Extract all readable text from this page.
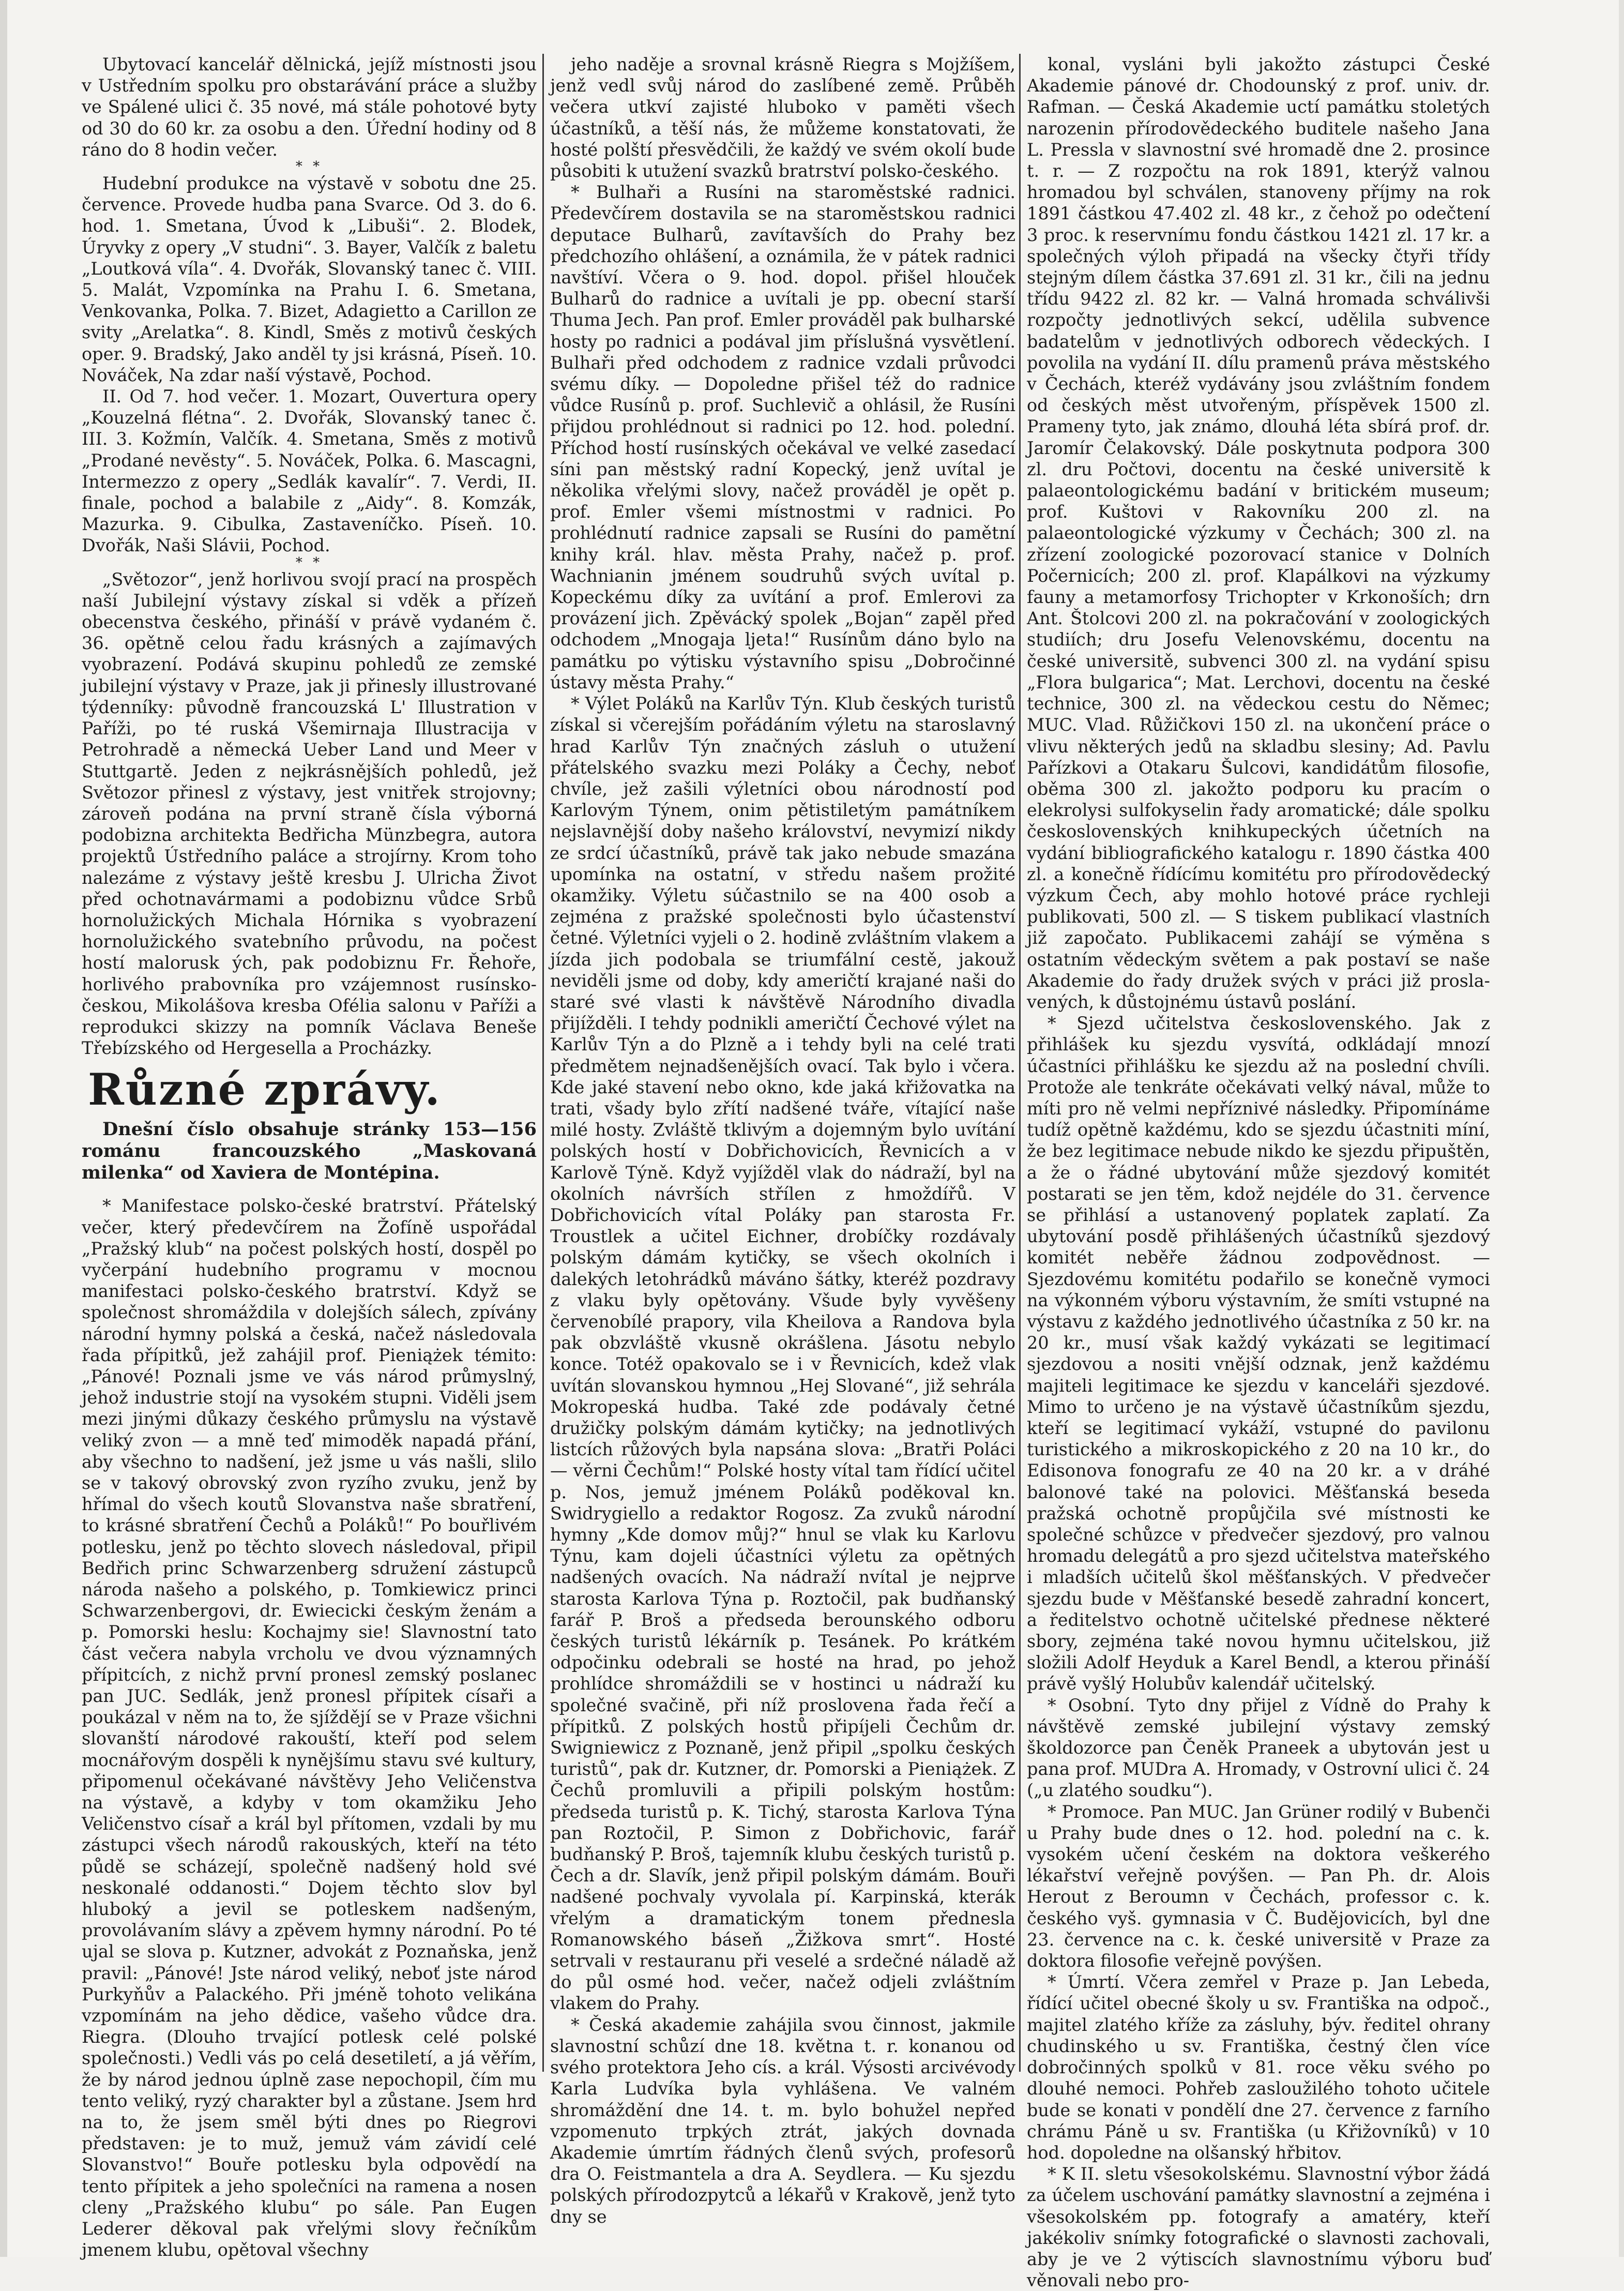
Ubytovací kancelář dělnická, jejíž místnosti jsou v Ustředním spolku pro obstarávání práce a služby ve Spálené ulici č. 35 nové, má stále pohotové byty od 30 do 60 kr. za osobu a den. Úřední hodiny od 8 ráno do 8 hodin večer.

* *

Hudební produkce na výstavě v sobotu dne 25. července. Provede hudba pana Svarce. Od 3. do 6. hod. 1. Smetana, Úvod k „Libuši“. 2. Blodek, Úryvky z opery „V studni“. 3. Bayer, Valčík z baletu „Loutková víla“. 4. Dvořák, Slovanský tanec č. VIII. 5. Malát, Vzpomínka na Prahu I. 6. Smetana, Venkovanka, Polka. 7. Bizet, Adagietto a Carillon ze svity „Arelatka“. 8. Kindl, Směs z motivů českých oper. 9. Bradský, Jako anděl ty jsi krásná, Píseň. 10. Nováček, Na zdar naší výstavě, Pochod.

II. Od 7. hod večer. 1. Mozart, Ouvertura opery „Kouzelná flétna“. 2. Dvořák, Slovanský tanec č. III. 3. Kožmín, Valčík. 4. Smetana, Směs z motivů „Prodané nevěsty“. 5. Nováček, Polka. 6. Mascagni, Intermezzo z opery „Sedlák kavalír“. 7. Verdi, II. finale, pochod a balabile z „Aidy“. 8. Komzák, Mazurka. 9. Cibulka, Zastaveníčko. Píseň. 10. Dvořák, Naši Slávii, Pochod.

* *

„Světozor“, jenž horlivou svojí prací na prospěch naší Jubilejní výstavy získal si vděk a přízeň obecenstva českého, přináší v právě vydaném č. 36. opětně celou řadu krásných a zajímavých vyobrazení. Podává skupinu pohledů ze zemské jubilejní výstavy v Praze, jak ji přinesly illustrované týdenníky: původně francouzská L' Illustration v Paříži, po té ruská Všemirnaja Illustracija v Petrohradě a německá Ueber Land und Meer v Stuttgartě. Jeden z nejkrásnějších pohledů, jež Světozor přinesl z výstavy, jest vnitřek strojovny; zároveň podána na první straně čísla výborná podobizna architekta Bedřicha Münzbegra, autora projektů Ústředního paláce a strojírny. Krom toho nalezáme z výstavy ještě kresbu J. Ulricha Život před ochotnavármami a podobiznu vůdce Srbů hornolužických Michala Hórnika s vyobrazení hornolužického svatebního průvodu, na počest hostí malorusk ých, pak podobiznu Fr. Řehoře, horlivého prabovníka pro vzájemnost rusínsko-českou, Mikolášova kresba Ofélia salonu v Paříži a reprodukci skizzy na pomník Václava Beneše Třebízského od Hergesella a Procházky.

Různé zprávy.

Dnešní číslo obsahuje stránky 153—156 románu francouzského „Maskovaná milenka“ od Xaviera de Montépina.

* Manifestace polsko-české bratrství. Přátelský večer, který předevčírem na Žofíně uspořádal „Pražský klub“ na počest polských hostí, dospěl po vyčerpání hudebního programu v mocnou manifestaci polsko-českého bratrství. Když se společnost shromáždila v dolejších sálech, zpívány národní hymny polská a česká, načež následovala řada přípitků, jež zahájil prof. Pieniążek témito: „Pánové! Poznali jsme ve vás národ průmyslný, jehož industrie stojí na vysokém stupni. Viděli jsem mezi jinými důkazy českého průmyslu na výstavě veliký zvon — a mně teď mimoděk napadá přání, aby všechno to nadšení, jež jsme u vás našli, slilo se v takový obrovský zvon ryzího zvuku, jenž by hřímal do všech koutů Slovanstva naše sbratření, to krásné sbratření Čechů a Poláků!“ Po bouřlivém potlesku, jenž po těchto slovech následoval, připil Bedřich princ Schwarzenberg sdružení zástupců národa našeho a polského, p. Tomkiewicz princi Schwarzenbergovi, dr. Ewiecicki českým ženám a p. Pomorski heslu: Kochajmy sie! Slavnostní tato část večera nabyla vrcholu ve dvou významných přípitcích, z nichž první pronesl zemský poslanec pan JUC. Sedlák, jenž pronesl přípitek císaři a poukázal v něm na to, že sjíždějí se v Praze všichni slovanští národové rakouští, kteří pod selem mocnářovým dospěli k nynějšímu stavu své kultury, připomenul očekávané návštěvy Jeho Veličenstva na výstavě, a kdyby v tom okamžiku Jeho Veličenstvo císař a král byl přítomen, vzdali by mu zástupci všech národů rakouských, kteří na této půdě se scházejí, společně nadšený hold své neskonalé oddanosti.“ Dojem těchto slov byl hluboký a jevil se potleskem nadšeným, provolávaním slávy a zpěvem hymny národní. Po té ujal se slova p. Kutzner, advokát z Poznaňska, jenž pravil: „Pánové! Jste národ veliký, neboť jste národ Purkyňův a Palackého. Při jméně tohoto velikána vzpomínám na jeho dědice, vašeho vůdce dra. Riegra. (Dlouho trvající potlesk celé polské společnosti.) Vedli vás po celá desetiletí, a já věřím, že by národ jednou úplně zase nepochopil, čím mu tento veliký, ryzý charakter byl a zůstane. Jsem hrd na to, že jsem směl býti dnes po Riegrovi představen: je to muž, jemuž vám závidí celé Slovanstvo!“ Bouře potlesku byla odpovědí na tento přípitek a jeho společníci na ramena a nosen cleny „Pražského klubu“ po sále. Pan Eugen Lederer děkoval pak vřelými slovy řečníkům jmenem klubu, opětoval všechny

jeho naděje a srovnal krásně Riegra s Mojžíšem, jenž vedl svůj národ do zaslíbené země. Průběh večera utkví zajisté hluboko v paměti všech účastníků, a těší nás, že můžeme konstatovati, že hosté polští přesvědčili, že každý ve svém okolí bude působiti k utužení svazků bratrství polsko-českého.

* Bulhaři a Rusíni na staroměstské radnici. Předevčírem dostavila se na staroměstskou radnici deputace Bulharů, zavítavších do Prahy bez předchozího ohlášení, a oznámila, že v pátek radnici navštíví. Včera o 9. hod. dopol. přišel hlouček Bulharů do radnice a uvítali je pp. obecní starší Thuma Jech. Pan prof. Emler prováděl pak bulharské hosty po radnici a podával jim příslušná vysvětlení. Bulhaři před odchodem z radnice vzdali průvodci svému díky. — Dopoledne přišel též do radnice vůdce Rusínů p. prof. Suchlevič a ohlásil, že Rusíni přijdou prohlédnout si radnici po 12. hod. polední. Příchod hostí rusínských očekával ve velké zasedací síni pan městský radní Kopecký, jenž uvítal je několika vřelými slovy, načež prováděl je opět p. prof. Emler všemi místnostmi v radnici. Po prohlédnutí radnice zapsali se Rusíni do pamětní knihy král. hlav. města Prahy, načež p. prof. Wachnianin jménem soudruhů svých uvítal p. Kopeckému díky za uvítání a prof. Emlerovi za provázení jich. Zpěvácký spolek „Bojan“ zapěl před odchodem „Mnogaja ljeta!“ Rusínům dáno bylo na památku po výtisku výstavního spisu „Dobročinné ústavy města Prahy.“

* Výlet Poláků na Karlův Týn. Klub českých turistů získal si včerejším pořádáním výletu na staroslavný hrad Karlův Týn značných zásluh o utužení přátelského svazku mezi Poláky a Čechy, neboť chvíle, jež zašili výletníci obou národností pod Karlovým Týnem, onim pětistiletým památníkem nejslavnější doby našeho království, nevymizí nikdy ze srdcí účastníků, právě tak jako nebude smazána upomínka na ostatní, v středu našem prožité okamžiky. Výletu súčastnilo se na 400 osob a zejména z pražské společnosti bylo účastenství četné. Výletníci vyjeli o 2. hodině zvláštním vlakem a jízda jich podobala se triumfální cestě, jakouž neviděli jsme od doby, kdy američtí krajané naši do staré své vlasti k návštěvě Národního divadla přijížděli. I tehdy podnikli američtí Čechové výlet na Karlův Týn a do Plzně a i tehdy byli na celé trati předmětem nejnadšenějších ovací. Tak bylo i včera. Kde jaké stavení nebo okno, kde jaká křižovatka na trati, všady bylo zřítí nadšené tváře, vítající naše milé hosty. Zvláště tklivým a dojemným bylo uvítání polských hostí v Dobřichovicích, Řevnicích a v Karlově Týně. Když vyjížděl vlak do nádraží, byl na okolních návrších střílen z hmoždířů. V Dobřichovicích vítal Poláky pan starosta Fr. Troustlek a učitel Eichner, drobíčky rozdávaly polským dámám kytičky, se všech okolních i dalekých letohrádků máváno šátky, kteréž pozdravy z vlaku byly opětovány. Všude byly vyvěšeny červenobílé prapory, vila Kheilova a Randova byla pak obzvláště vkusně okrášlena. Jásotu nebylo konce. Totéž opakovalo se i v Řevnicích, kdež vlak uvítán slovanskou hymnou „Hej Slované“, již sehrála Mokropeská hudba. Také zde podávaly četné družičky polským dámám kytičky; na jednotlivých listcích růžových byla napsána slova: „Bratři Poláci — věrni Čechům!“ Polské hosty vítal tam řídící učitel p. Nos, jemuž jménem Poláků poděkoval kn. Swidrygiello a redaktor Rogosz. Za zvuků národní hymny „Kde domov můj?“ hnul se vlak ku Karlovu Týnu, kam dojeli účastníci výletu za opětných nadšených ovacích. Na nádraží nvítal je nejprve starosta Karlova Týna p. Roztočil, pak budňanský farář P. Broš a předseda berounského odboru českých turistů lékárník p. Tesánek. Po krátkém odpočinku odebrali se hosté na hrad, po jehož prohlídce shromáždili se v hostinci u nádraží ku společné svačině, při níž proslovena řada řečí a přípitků. Z polských hostů připíjeli Čechům dr. Swigniewicz z Poznaně, jenž připil „spolku českých turistů“, pak dr. Kutzner, dr. Pomorski a Pieniążek. Z Čechů promluvili a připili polským hostům: předseda turistů p. K. Tichý, starosta Karlova Týna pan Roztočil, P. Simon z Dobřichovic, farář budňanský P. Broš, tajemník klubu českých turistů p. Čech a dr. Slavík, jenž připil polským dámám. Bouři nadšené pochvaly vyvolala pí. Karpinská, kterák vřelým a dramatickým tonem přednesla Romanowského báseň „Žižkova smrt“. Hosté setrvali v restauranu při veselé a srdečné náladě až do půl osmé hod. večer, načež odjeli zvláštním vlakem do Prahy.

* Česká akademie zahájila svou činnost, jakmile slavnostní schůzí dne 18. května t. r. konanou od svého protektora Jeho cís. a král. Výsosti arcivévody Karla Ludvíka byla vyhlášena. Ve valném shromáždění dne 14. t. m. bylo bohužel nepřed vzpomenuto trpkých ztrát, jakých dovnada Akademie úmrtím řádných členů svých, profesorů dra O. Feistmantela a dra A. Seydlera. — Ku sjezdu polských přírodozpytců a lékařů v Krakově, jenž tyto dny se

konal, vysláni byli jakožto zástupci České Akademie pánové dr. Chodounský z prof. univ. dr. Rafman. — Česká Akademie uctí památku stoletých narozenin přírodovědeckého buditele našeho Jana L. Pressla v slavnostní své hromadě dne 2. prosince t. r. — Z rozpočtu na rok 1891, kterýž valnou hromadou byl schválen, stanoveny příjmy na rok 1891 částkou 47.402 zl. 48 kr., z čehož po odečtení 3 proc. k reservnímu fondu částkou 1421 zl. 17 kr. a společných výloh připadá na všecky čtyři třídy stejným dílem částka 37.691 zl. 31 kr., čili na jednu třídu 9422 zl. 82 kr. — Valná hromada schválivši rozpočty jednotlivých sekcí, udělila subvence badatelům v jednotlivých odborech vědeckých. I povolila na vydání II. dílu pramenů práva městského v Čechách, kteréž vydávány jsou zvláštním fondem od českých měst utvořeným, příspěvek 1500 zl. Prameny tyto, jak známo, dlouhá léta sbírá prof. dr. Jaromír Čelakovský. Dále poskytnuta podpora 300 zl. dru Počtovi, docentu na české universitě k palaeontologickému badání v britickém museum; prof. Kuštovi v Rakovníku 200 zl. na palaeontologické výzkumy v Čechách; 300 zl. na zřízení zoologické pozorovací stanice v Dolních Počernicích; 200 zl. prof. Klapálkovi na výzkumy fauny a metamorfosy Trichopter v Krkonoších; drn Ant. Štolcovi 200 zl. na pokračování v zoologických studiích; dru Josefu Velenovskému, docentu na české universitě, subvenci 300 zl. na vydání spisu „Flora bulgarica“; Mat. Lerchovi, docentu na české technice, 300 zl. na vědeckou cestu do Němec; MUC. Vlad. Růžičkovi 150 zl. na ukončení práce o vlivu některých jedů na skladbu slesiny; Ad. Pavlu Pařízkovi a Otakaru Šulcovi, kandidátům filosofie, oběma 300 zl. jakožto podporu ku pracím o elekrolysi sulfokyselin řady aromatické; dále spolku československých knihkupeckých účetních na vydání bibliografického katalogu r. 1890 částka 400 zl. a konečně řídícímu komitétu pro přírodovědecký výzkum Čech, aby mohlo hotové práce rychleji publikovati, 500 zl. — S tiskem publikací vlastních již započato. Publikacemi zahájí se výměna s ostatním vědeckým světem a pak postaví se naše Akademie do řady družek svých v práci již proslavených, k důstojnému ústavů poslání.

* Sjezd učitelstva československého. Jak z přihlášek ku sjezdu vysvítá, odkládají mnozí účastníci přihlášku ke sjezdu až na poslední chvíli. Protože ale tenkráte očekávati velký nával, může to míti pro ně velmi nepříznivé následky. Připomínáme tudíž opětně každému, kdo se sjezdu účastniti míní, že bez legitimace nebude nikdo ke sjezdu připuštěn, a že o řádné ubytování může sjezdový komitét postarati se jen těm, kdož nejdéle do 31. července se přihlásí a ustanovený poplatek zaplatí. Za ubytování posdě přihlášených účastníků sjezdový komitét neběře žádnou zodpovědnost. — Sjezdovému komitétu podařilo se konečně vymoci na výkonném výboru výstavním, že smíti vstupné na výstavu z každého jednotlivého účastníka z 50 kr. na 20 kr., musí však každý vykázati se legitimací sjezdovou a nositi vnější odznak, jenž každému majiteli legitimace ke sjezdu v kanceláři sjezdové. Mimo to určeno je na výstavě účastníkům sjezdu, kteří se legitimací vykáží, vstupné do pavilonu turistického a mikroskopického z 20 na 10 kr., do Edisonova fonografu ze 40 na 20 kr. a v dráhé balonové také na polovici. Měšťanská beseda pražská ochotně propůjčila své místnosti ke společné schůzce v předvečer sjezdový, pro valnou hromadu delegátů a pro sjezd učitelstva mateřského i mladších učitelů škol měšťanských. V předvečer sjezdu bude v Měšťanské besedě zahradní koncert, a ředitelstvo ochotně učitelské přednese některé sbory, zejména také novou hymnu učitelskou, již složili Adolf Heyduk a Karel Bendl, a kterou přináší právě vyšlý Holubův kalendář učitelský.

* Osobní. Tyto dny přijel z Vídně do Prahy k návštěvě zemské jubilejní výstavy zemský školdozorce pan Čeněk Praneek a ubytován jest u pana prof. MUDra A. Hromady, v Ostrovní ulici č. 24 („u zlatého soudku“).

* Promoce. Pan MUC. Jan Grüner rodilý v Bubenči u Prahy bude dnes o 12. hod. polední na c. k. vysokém učení českém na doktora veškerého lékařství veřejně povýšen. — Pan Ph. dr. Alois Herout z Beroumn v Čechách, professor c. k. českého vyš. gymnasia v Č. Budějovicích, byl dne 23. července na c. k. české universitě v Praze za doktora filosofie veřejně povýšen.

* Úmrtí. Včera zemřel v Praze p. Jan Lebeda, řídící učitel obecné školy u sv. Františka na odpoč., majitel zlatého kříže za zásluhy, býv. ředitel ohrany chudinského u sv. Františka, čestný člen více dobročinných spolků v 81. roce věku svého po dlouhé nemoci. Pohřeb zasloužilého tohoto učitele bude se konati v pondělí dne 27. července z farního chrámu Páně u sv. Františka (u Křižovníků) v 10 hod. dopoledne na olšanský hřbitov.

* K II. sletu všesokolskému. Slavnostní výbor žádá za účelem uschování památky slavnostní a zejména i všesokolském pp. fotografy a amatéry, kteří jakékoliv snímky fotografické o slavnosti zachovali, aby je ve 2 výtiscích slavnostnímu výboru buď věnovali nebo pro-
